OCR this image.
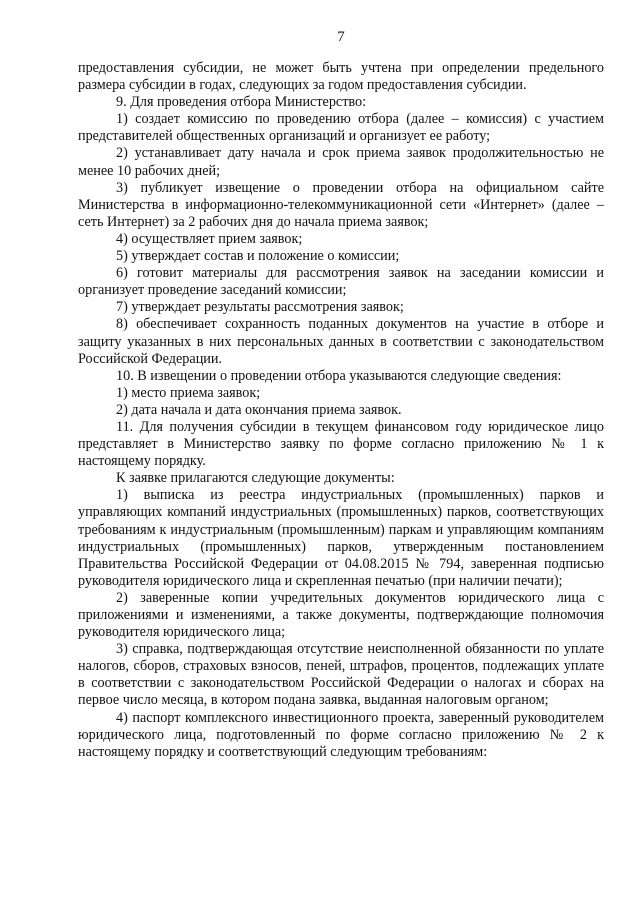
7

предоставления субсидии, не может быть учтена при определении предельного размера субсидии в годах, следующих за годом предоставления субсидии.

9. Для проведения отбора Министерство:

1) создает комиссию по проведению отбора (далее – комиссия) с участием представителей общественных организаций и организует ее работу;

2) устанавливает дату начала и срок приема заявок продолжительностью не менее 10 рабочих дней;

3) публикует извещение о проведении отбора на официальном сайте Министерства в информационно-телекоммуникационной сети «Интернет» (далее – сеть Интернет) за 2 рабочих дня до начала приема заявок;

4) осуществляет прием заявок;

5) утверждает состав и положение о комиссии;

6) готовит материалы для рассмотрения заявок на заседании комиссии и организует проведение заседаний комиссии;

7) утверждает результаты рассмотрения заявок;

8) обеспечивает сохранность поданных документов на участие в отборе и защиту указанных в них персональных данных в соответствии с законодательством Российской Федерации.

10. В извещении о проведении отбора указываются следующие сведения:

1) место приема заявок;

2) дата начала и дата окончания приема заявок.

11. Для получения субсидии в текущем финансовом году юридическое лицо представляет в Министерство заявку по форме согласно приложению № 1 к настоящему порядку.

К заявке прилагаются следующие документы:

1) выписка из реестра индустриальных (промышленных) парков и управляющих компаний индустриальных (промышленных) парков, соответствующих требованиям к индустриальным (промышленным) паркам и управляющим компаниям индустриальных (промышленных) парков, утвержденным постановлением Правительства Российской Федерации от 04.08.2015 № 794, заверенная подписью руководителя юридического лица и скрепленная печатью (при наличии печати);

2) заверенные копии учредительных документов юридического лица с приложениями и изменениями, а также документы, подтверждающие полномочия руководителя юридического лица;

3) справка, подтверждающая отсутствие неисполненной обязанности по уплате налогов, сборов, страховых взносов, пеней, штрафов, процентов, подлежащих уплате в соответствии с законодательством Российской Федерации о налогах и сборах на первое число месяца, в котором подана заявка, выданная налоговым органом;

4) паспорт комплексного инвестиционного проекта, заверенный руководителем юридического лица, подготовленный по форме согласно приложению № 2 к настоящему порядку и соответствующий следующим требованиям:
